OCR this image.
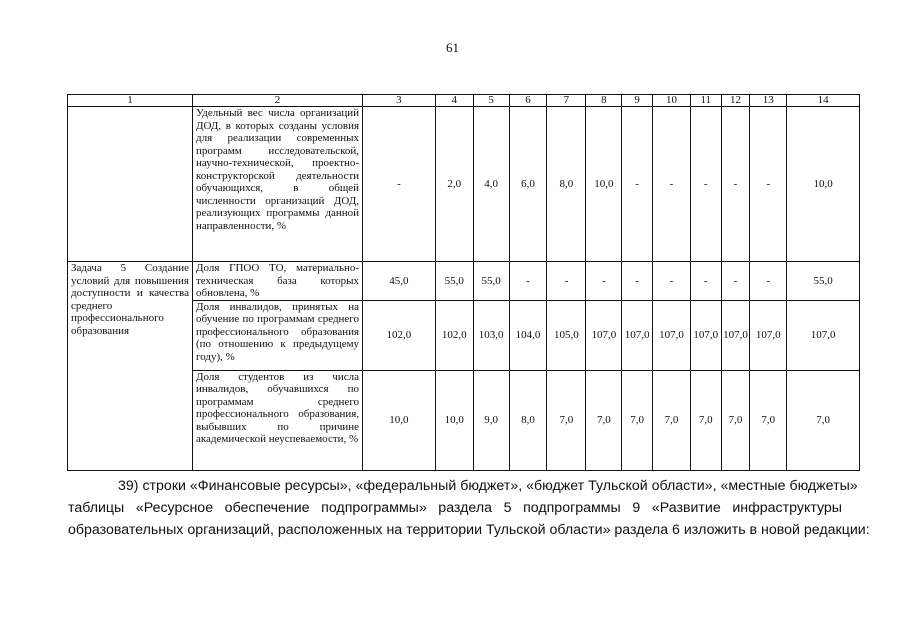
61
1	2	3	4	5	6	7	8	9	10	11	12	13	14
	Удельный вес числа организаций ДОД, в которых созданы условия для реализации современных программ исследовательской, научно-технической, проектно-конструкторской деятельности обучающихся, в общей численности организаций ДОД, реализующих программы данной направленности, %	-	2,0	4,0	6,0	8,0	10,0	-	-	-	-	-	10,0
Задача 5 Создание условий для повышения доступности и качества среднего профессионального образования	Доля ГПОО ТО, материально-техническая база которых обновлена, %	45,0	55,0	55,0	-	-	-	-	-	-	-	-	55,0
	Доля инвалидов, принятых на обучение по программам среднего профессионального образования (по отношению к предыдущему году), %	102,0	102,0	103,0	104,0	105,0	107,0	107,0	107,0	107,0	107,0	107,0	107,0
	Доля студентов из числа инвалидов, обучавшихся по программам среднего профессионального образования, выбывших по причине академической неуспеваемости, %	10,0	10,0	9,0	8,0	7,0	7,0	7,0	7,0	7,0	7,0	7,0	7,0
39) строки «Финансовые ресурсы», «федеральный бюджет», «бюджет Тульской области», «местные бюджеты»
таблицы «Ресурсное обеспечение подпрограммы» раздела 5 подпрограммы 9 «Развитие инфраструктуры
образовательных организаций, расположенных на территории Тульской области» раздела 6 изложить в новой редакции:
